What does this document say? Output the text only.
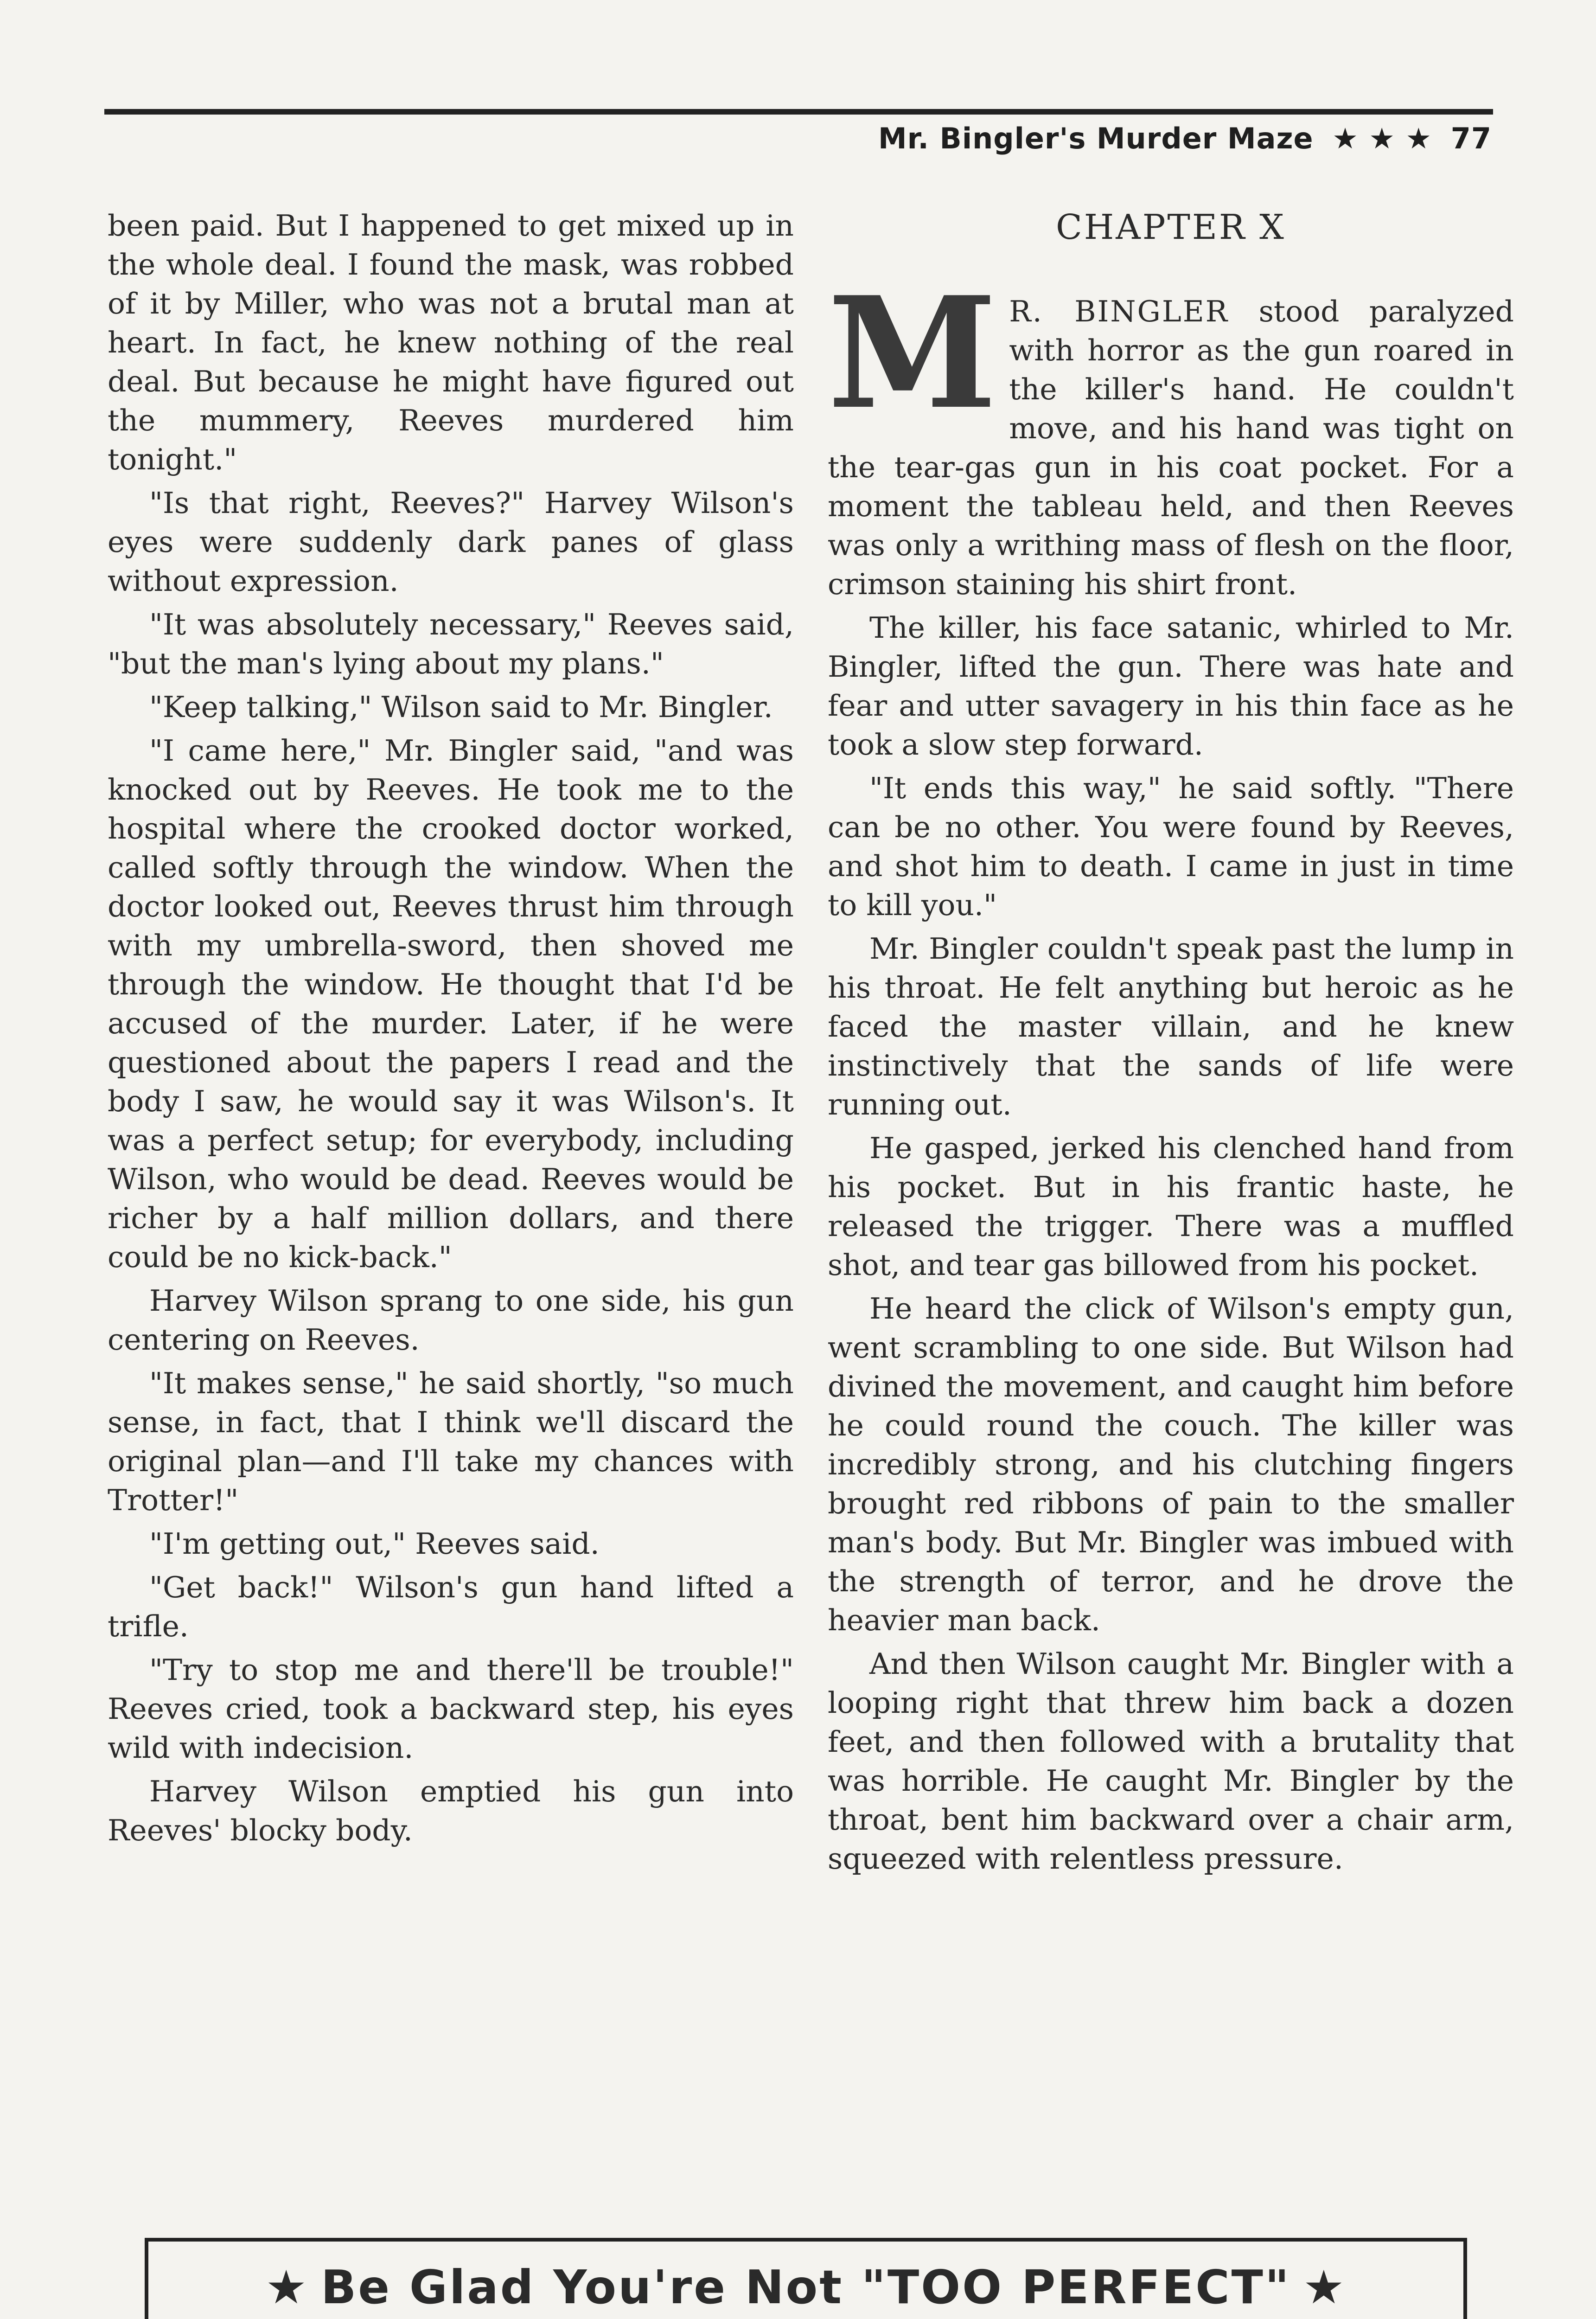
Mr. Bingler's Murder Maze ★ ★ ★ 77

been paid. But I happened to get mixed up in the whole deal. I found the mask, was robbed of it by Miller, who was not a brutal man at heart. In fact, he knew nothing of the real deal. But because he might have figured out the mummery, Reeves murdered him tonight."

"Is that right, Reeves?" Harvey Wilson's eyes were suddenly dark panes of glass without expression.

"It was absolutely necessary," Reeves said, "but the man's lying about my plans."

"Keep talking," Wilson said to Mr. Bingler.

"I came here," Mr. Bingler said, "and was knocked out by Reeves. He took me to the hospital where the crooked doctor worked, called softly through the window. When the doctor looked out, Reeves thrust him through with my umbrella-sword, then shoved me through the window. He thought that I'd be accused of the murder. Later, if he were questioned about the papers I read and the body I saw, he would say it was Wilson's. It was a perfect setup; for everybody, including Wilson, who would be dead. Reeves would be richer by a half million dollars, and there could be no kick-back."

Harvey Wilson sprang to one side, his gun centering on Reeves.

"It makes sense," he said shortly, "so much sense, in fact, that I think we'll discard the original plan—and I'll take my chances with Trotter!"

"I'm getting out," Reeves said.

"Get back!" Wilson's gun hand lifted a trifle.

"Try to stop me and there'll be trouble!" Reeves cried, took a backward step, his eyes wild with indecision.

Harvey Wilson emptied his gun into Reeves' blocky body.

CHAPTER X

M R. BINGLER stood paralyzed with horror as the gun roared in the killer's hand. He couldn't move, and his hand was tight on the tear-gas gun in his coat pocket. For a moment the tableau held, and then Reeves was only a writhing mass of flesh on the floor, crimson staining his shirt front.

The killer, his face satanic, whirled to Mr. Bingler, lifted the gun. There was hate and fear and utter savagery in his thin face as he took a slow step forward.

"It ends this way," he said softly. "There can be no other. You were found by Reeves, and shot him to death. I came in just in time to kill you."

Mr. Bingler couldn't speak past the lump in his throat. He felt anything but heroic as he faced the master villain, and he knew instinctively that the sands of life were running out.

He gasped, jerked his clenched hand from his pocket. But in his frantic haste, he released the trigger. There was a muffled shot, and tear gas billowed from his pocket.

He heard the click of Wilson's empty gun, went scrambling to one side. But Wilson had divined the movement, and caught him before he could round the couch. The killer was incredibly strong, and his clutching fingers brought red ribbons of pain to the smaller man's body. But Mr. Bingler was imbued with the strength of terror, and he drove the heavier man back.

And then Wilson caught Mr. Bingler with a looping right that threw him back a dozen feet, and then followed with a brutality that was horrible. He caught Mr. Bingler by the throat, bent him backward over a chair arm, squeezed with relentless pressure.

★ Be Glad You're Not "TOO PERFECT" ★
